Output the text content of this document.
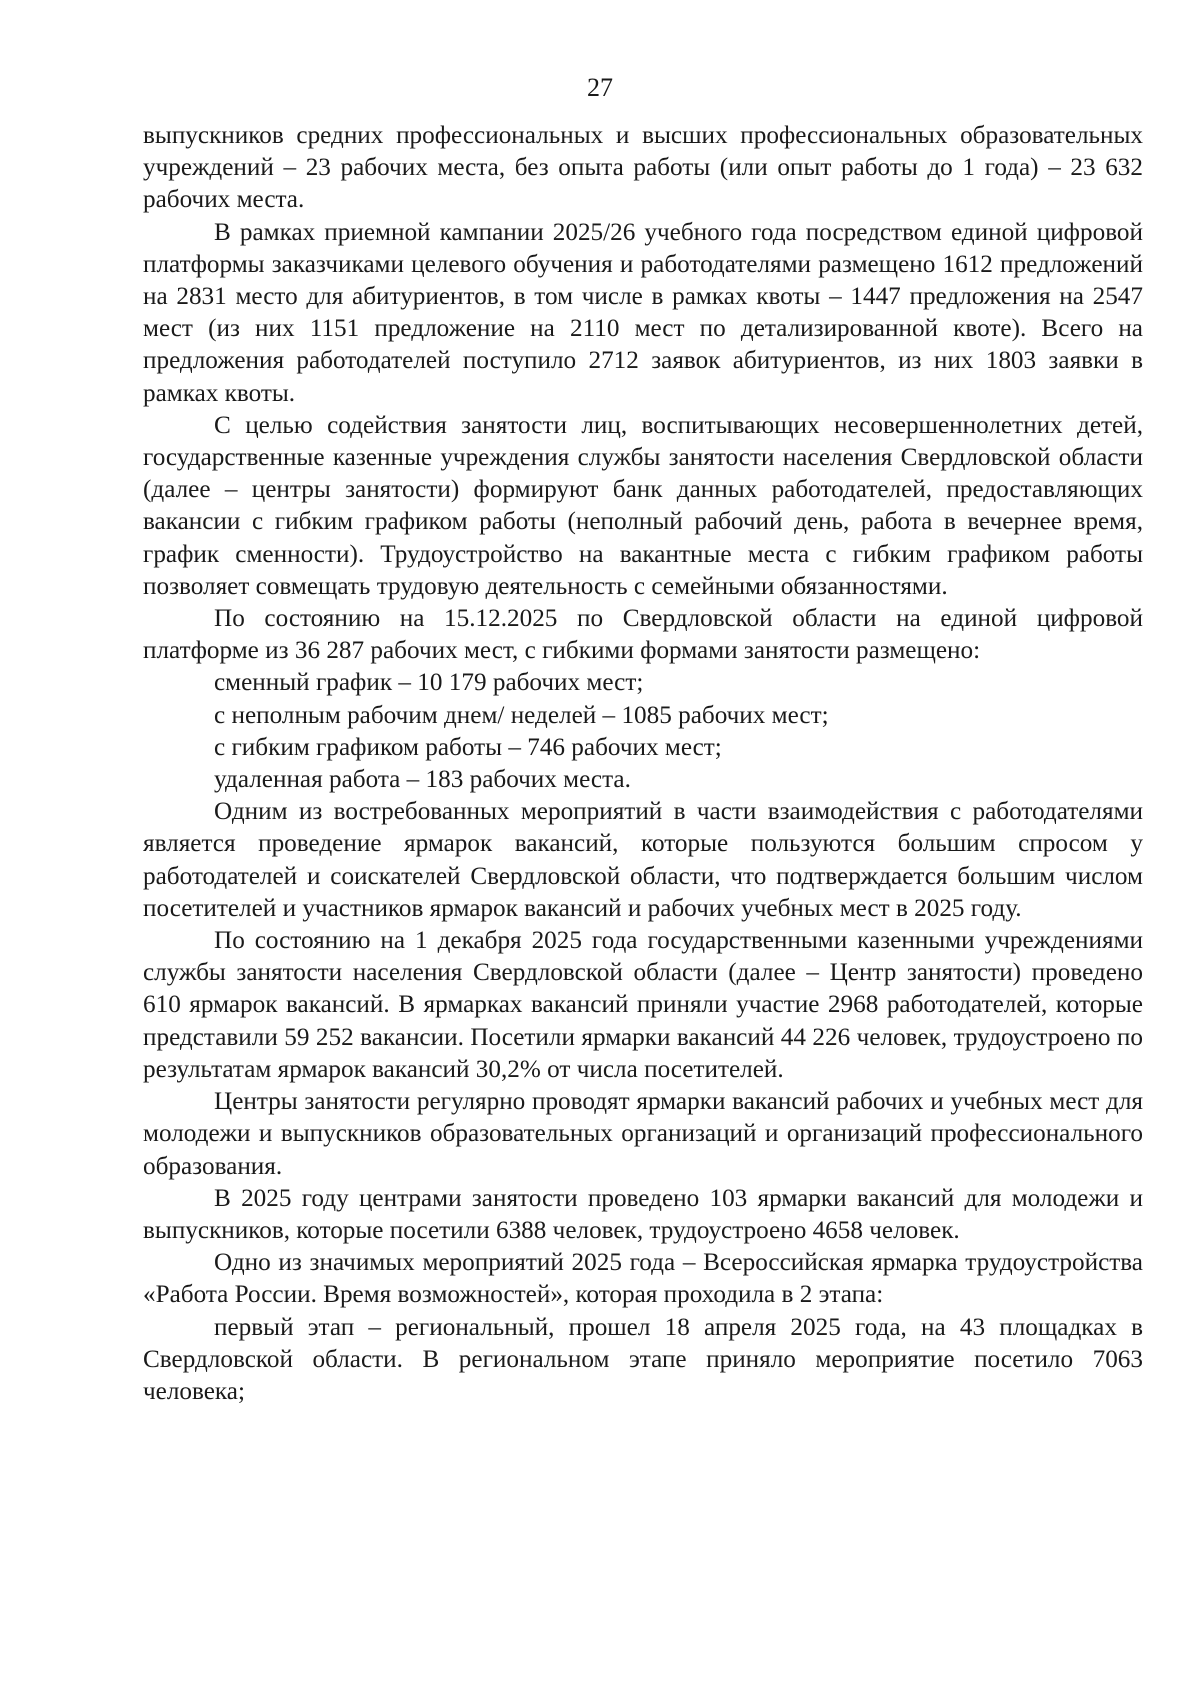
27

выпускников средних профессиональных и высших профессиональных образовательных учреждений – 23 рабочих места, без опыта работы (или опыт работы до 1 года) – 23 632 рабочих места.

В рамках приемной кампании 2025/26 учебного года посредством единой цифровой платформы заказчиками целевого обучения и работодателями размещено 1612 предложений на 2831 место для абитуриентов, в том числе в рамках квоты – 1447 предложения на 2547 мест (из них 1151 предложение на 2110 мест по детализированной квоте). Всего на предложения работодателей поступило 2712 заявок абитуриентов, из них 1803 заявки в рамках квоты.

С целью содействия занятости лиц, воспитывающих несовершеннолетних детей, государственные казенные учреждения службы занятости населения Свердловской области (далее – центры занятости) формируют банк данных работодателей, предоставляющих вакансии с гибким графиком работы (неполный рабочий день, работа в вечернее время, график сменности). Трудоустройство на вакантные места с гибким графиком работы позволяет совмещать трудовую деятельность с семейными обязанностями.

По состоянию на 15.12.2025 по Свердловской области на единой цифровой платформе из 36 287 рабочих мест, с гибкими формами занятости размещено:

сменный график – 10 179 рабочих мест;

с неполным рабочим днем/ неделей – 1085 рабочих мест;

с гибким графиком работы – 746 рабочих мест;

удаленная работа – 183 рабочих места.

Одним из востребованных мероприятий в части взаимодействия с работодателями является проведение ярмарок вакансий, которые пользуются большим спросом у работодателей и соискателей Свердловской области, что подтверждается большим числом посетителей и участников ярмарок вакансий и рабочих учебных мест в 2025 году.

По состоянию на 1 декабря 2025 года государственными казенными учреждениями службы занятости населения Свердловской области (далее – Центр занятости) проведено 610 ярмарок вакансий. В ярмарках вакансий приняли участие 2968 работодателей, которые представили 59 252 вакансии. Посетили ярмарки вакансий 44 226 человек, трудоустроено по результатам ярмарок вакансий 30,2% от числа посетителей.

Центры занятости регулярно проводят ярмарки вакансий рабочих и учебных мест для молодежи и выпускников образовательных организаций и организаций профессионального образования.

В 2025 году центрами занятости проведено 103 ярмарки вакансий для молодежи и выпускников, которые посетили 6388 человек, трудоустроено 4658 человек.

Одно из значимых мероприятий 2025 года – Всероссийская ярмарка трудоустройства «Работа России. Время возможностей», которая проходила в 2 этапа:

первый этап – региональный, прошел 18 апреля 2025 года, на 43 площадках в Свердловской области. В региональном этапе приняло мероприятие посетило 7063 человека;
